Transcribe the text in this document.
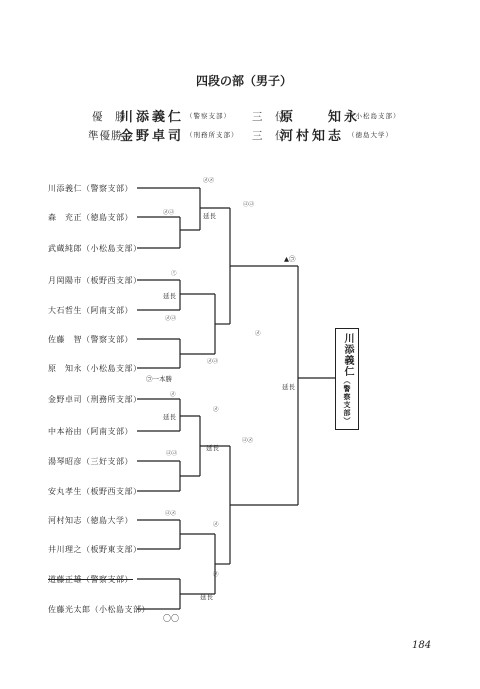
四段の部（男子）
優　勝
川添義仁 （警察支部） 三　位
原　　知永
（小松島支部）
準優勝
金野卓司 （刑務所支部） 三　位
河村知志 （徳島大学）
川添義仁（警察支部）
森　充正（徳島支部）
武蔵純郎（小松島支部）
月岡陽市（板野西支部）
大石哲生（阿南支部）
佐藤　智（警察支部）
原　知永（小松島支部）
金野卓司（刑務所支部）
中本裕由（阿南支部）
湯琴昭彦（三好支部）
安丸孝生（板野西支部）
河村知志（徳島大学）
井川理之（板野東支部）
道藤正雄（警察支部）
佐藤光太郎（小松島支部）
㋱㋱
㋱㋙
㋙㋙
㋯
㋱㋙
㋱㋙
㋱
㋱
㋙㋙
㋱
㋙㋱
㋱
㋙㋱
㋱
延長
延長
延長
延長
延長
延長
㋙一本勝
▲㋙
〇〇
川添義仁（警察支部）
184
